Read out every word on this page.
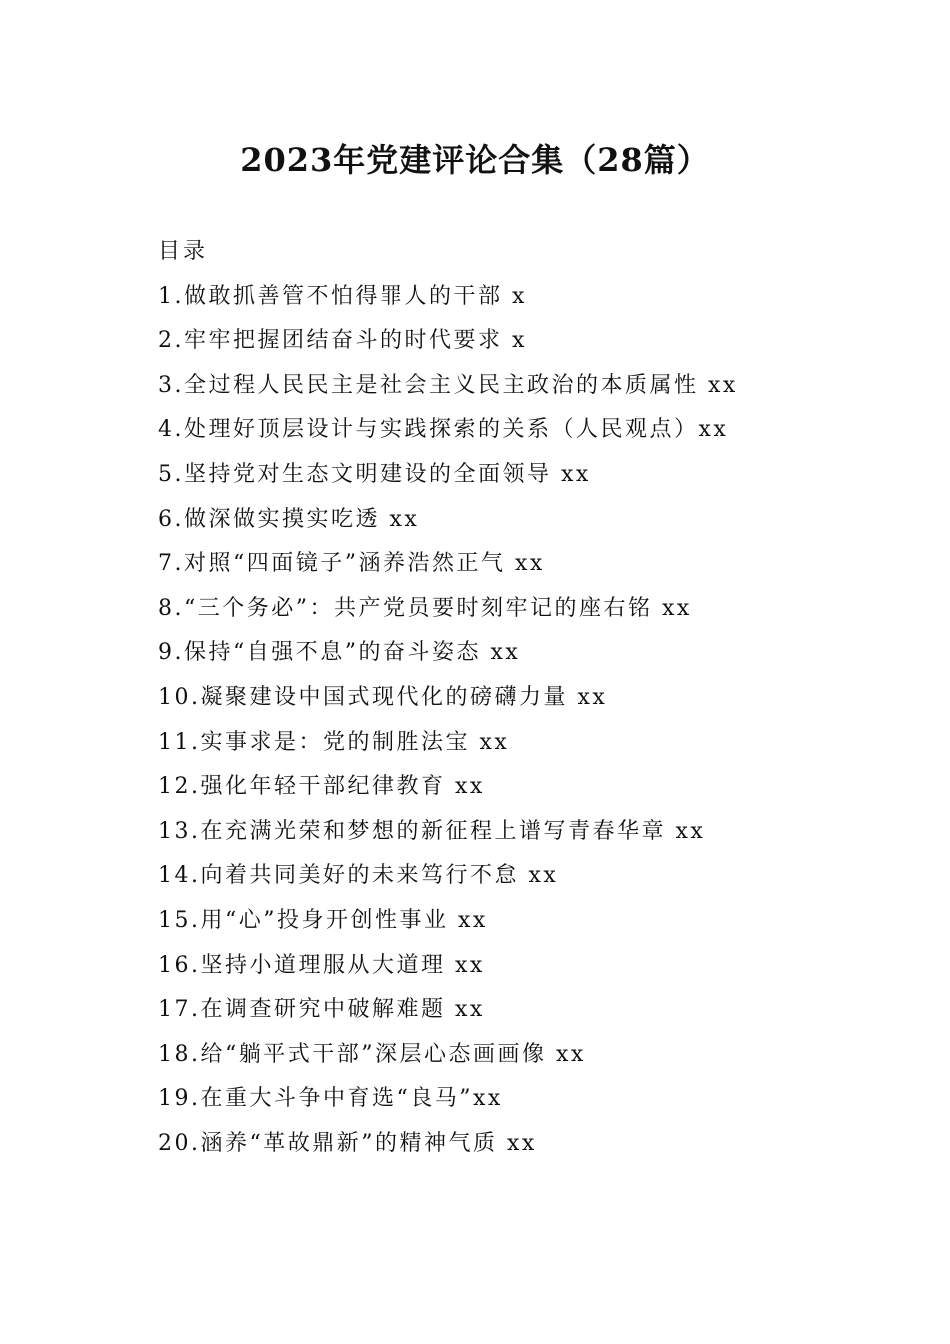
2023年党建评论合集（28篇）

目录

1.做敢抓善管不怕得罪人的干部 x
2.牢牢把握团结奋斗的时代要求 x
3.全过程人民民主是社会主义民主政治的本质属性 xx
4.处理好顶层设计与实践探索的关系（人民观点）xx
5.坚持党对生态文明建设的全面领导 xx
6.做深做实摸实吃透 xx
7.对照“四面镜子”涵养浩然正气 xx
8.“三个务必”：共产党员要时刻牢记的座右铭 xx
9.保持“自强不息”的奋斗姿态 xx
10.凝聚建设中国式现代化的磅礴力量 xx
11.实事求是：党的制胜法宝 xx
12.强化年轻干部纪律教育 xx
13.在充满光荣和梦想的新征程上谱写青春华章 xx
14.向着共同美好的未来笃行不怠 xx
15.用“心”投身开创性事业 xx
16.坚持小道理服从大道理 xx
17.在调查研究中破解难题 xx
18.给“躺平式干部”深层心态画画像 xx
19.在重大斗争中育选“良马”xx
20.涵养“革故鼎新”的精神气质 xx
